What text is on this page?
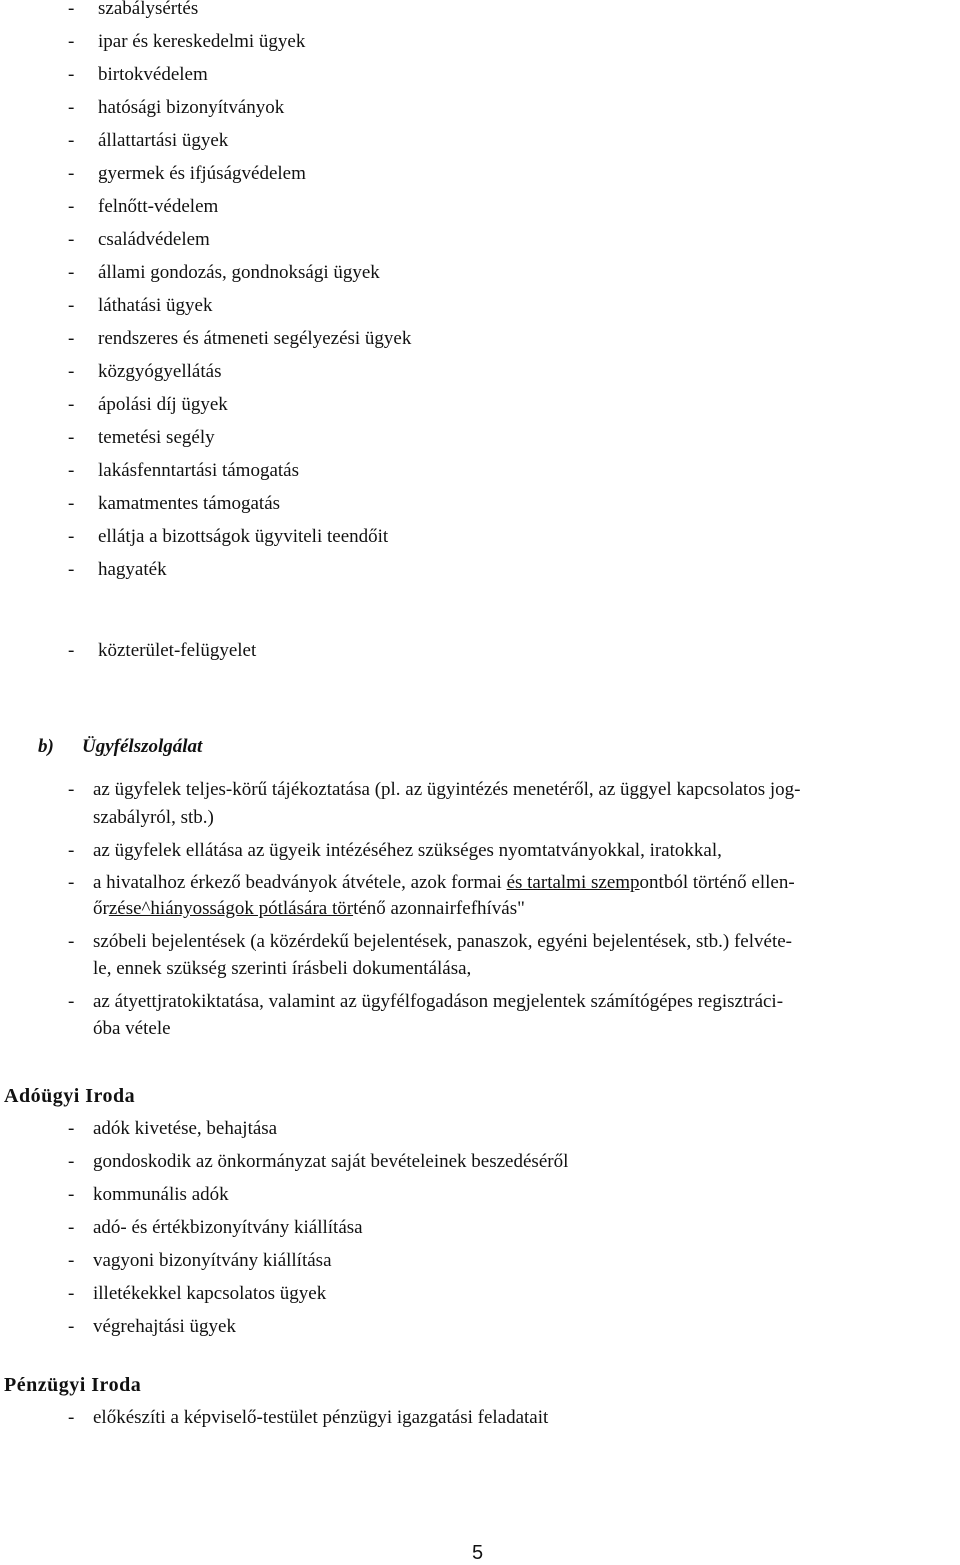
- szabálysértés
- ipar és kereskedelmi ügyek
- birtokvédelem
- hatósági bizonyítványok
- állattartási ügyek
- gyermek és ifjúságvédelem
- felnőtt-védelem
- családvédelem
- állami gondozás, gondnoksági ügyek
- láthatási ügyek
- rendszeres és átmeneti segélyezési ügyek
- közgyógyellátás
- ápolási díj ügyek
- temetési segély
- lakásfenntartási támogatás
- kamatmentes támogatás
- ellátja a bizottságok ügyviteli teendőit
- hagyaték
- közterület-felügyelet
b) Ügyfélszolgálat
- az ügyfelek teljes-körű tájékoztatása (pl. az ügyintézés menetéről, az üggyel kapcsolatos jog-
szabályról, stb.)
- az ügyfelek ellátása az ügyeik intézéséhez szükséges nyomtatványokkal, iratokkal,
- a hivatalhoz érkező beadványok átvétele, azok formai és tartalmi szempontból történő ellen-
őrzése^hiányosságok pótlására történő azonnairfefhívás"
- szóbeli bejelentések (a közérdekű bejelentések, panaszok, egyéni bejelentések, stb.) felvéte-
le, ennek szükség szerinti írásbeli dokumentálása,
- az átyettjratokiktatása, valamint az ügyfélfogadáson megjelentek számítógépes regisztráci-
óba vétele
Adóügyi Iroda
- adók kivetése, behajtása
- gondoskodik az önkormányzat saját bevételeinek beszedéséről
- kommunális adók
- adó- és értékbizonyítvány kiállítása
- vagyoni bizonyítvány kiállítása
- illetékekkel kapcsolatos ügyek
- végrehajtási ügyek
Pénzügyi Iroda
- előkészíti a képviselő-testület pénzügyi igazgatási feladatait
5
